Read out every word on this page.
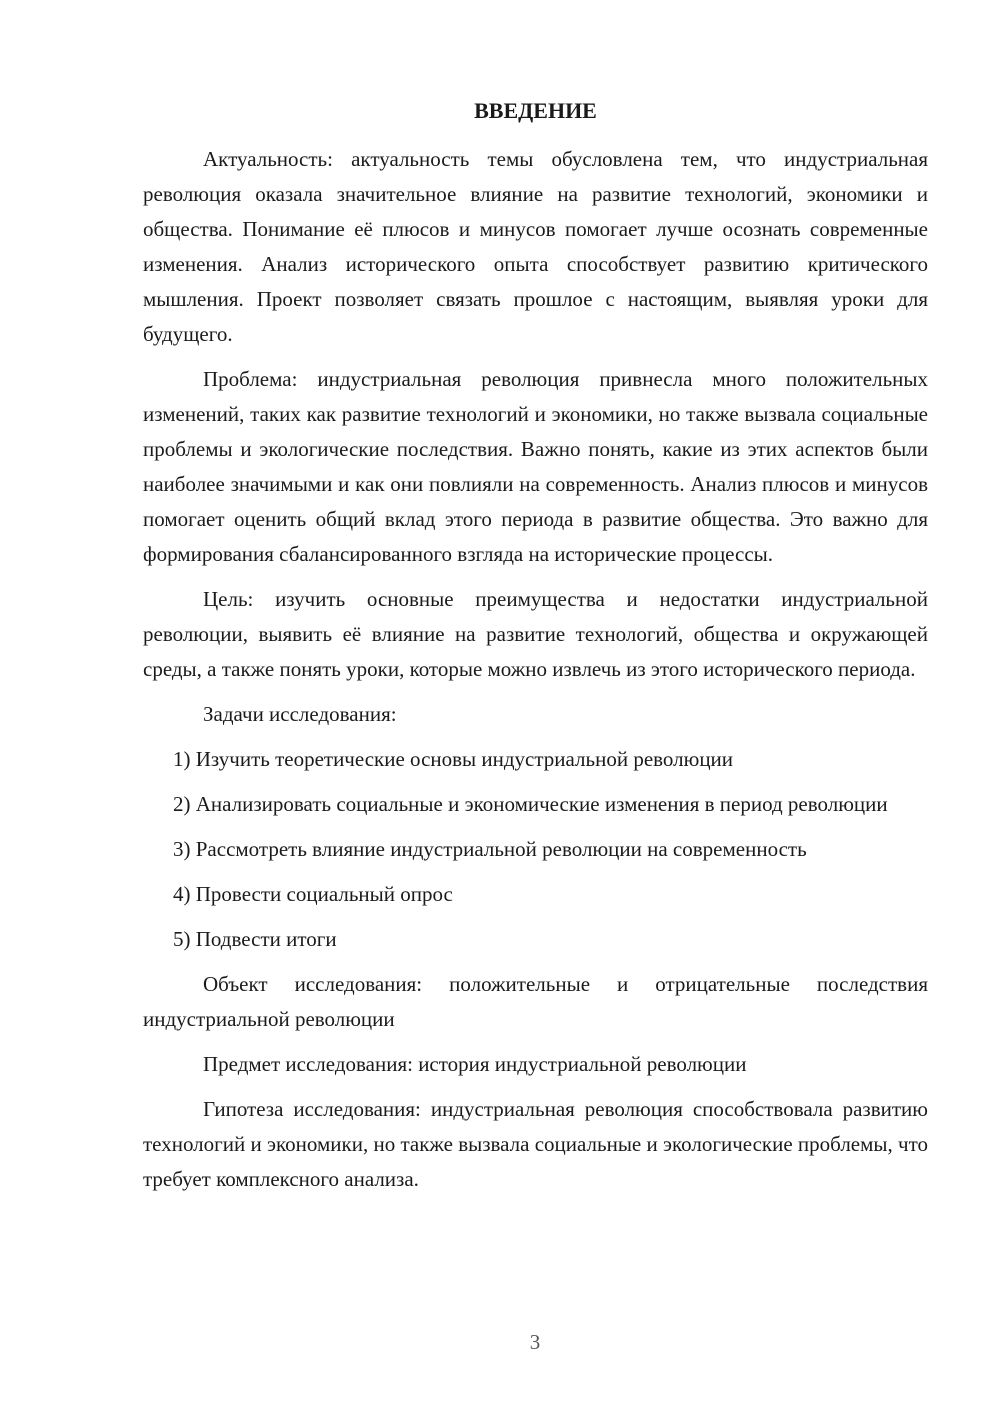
ВВЕДЕНИЕ

Актуальность: актуальность темы обусловлена тем, что индустриальная революция оказала значительное влияние на развитие технологий, экономики и общества. Понимание её плюсов и минусов помогает лучше осознать современные изменения. Анализ исторического опыта способствует развитию критического мышления. Проект позволяет связать прошлое с настоящим, выявляя уроки для будущего.

Проблема: индустриальная революция привнесла много положительных изменений, таких как развитие технологий и экономики, но также вызвала социальные проблемы и экологические последствия. Важно понять, какие из этих аспектов были наиболее значимыми и как они повлияли на современность. Анализ плюсов и минусов помогает оценить общий вклад этого периода в развитие общества. Это важно для формирования сбалансированного взгляда на исторические процессы.

Цель: изучить основные преимущества и недостатки индустриальной революции, выявить её влияние на развитие технологий, общества и окружающей среды, а также понять уроки, которые можно извлечь из этого исторического периода.

Задачи исследования:

1) Изучить теоретические основы индустриальной революции

2) Анализировать социальные и экономические изменения в период революции

3) Рассмотреть влияние индустриальной революции на современность

4) Провести социальный опрос

5) Подвести итоги

Объект исследования: положительные и отрицательные последствия индустриальной революции

Предмет исследования: история индустриальной революции

Гипотеза исследования: индустриальная революция способствовала развитию технологий и экономики, но также вызвала социальные и экологические проблемы, что требует комплексного анализа.

3
